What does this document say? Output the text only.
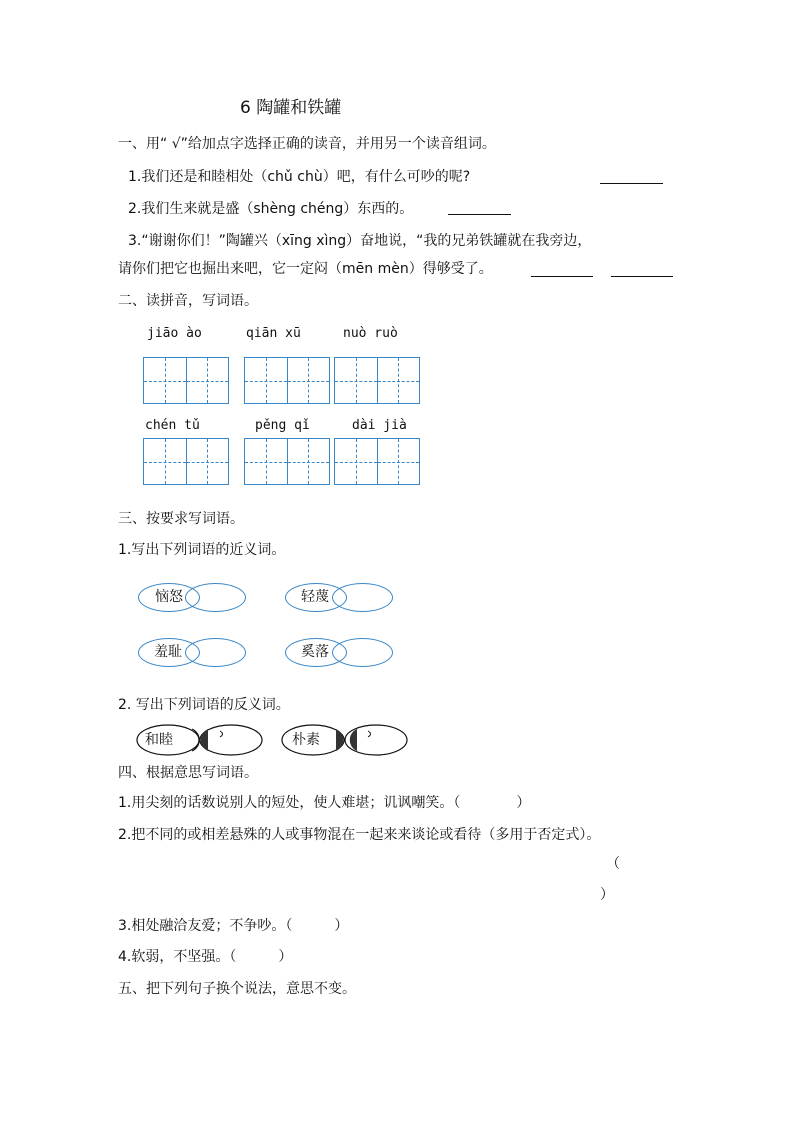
6 陶罐和铁罐
一、用“ √”给加点字选择正确的读音，并用另一个读音组词。
1.我们还是和睦相处（chǔ chù）吧，有什么可吵的呢?
2.我们生来就是盛（shèng chéng）东西的。
3.“谢谢你们！”陶罐兴（xīng xìng）奋地说，“我的兄弟铁罐就在我旁边，
请你们把它也掘出来吧，它一定闷（mēn mèn）得够受了。
二、读拼音，写词语。
jiāo ào	qiān xū	nuò ruò
chén tǔ	pěng qǐ	dài jià
三、按要求写词语。
1.写出下列词语的近义词。
恼怒	轻蔑
羞耻	奚落
2. 写出下列词语的反义词。
和睦	朴素
四、根据意思写词语。
1.用尖刻的话数说别人的短处，使人难堪；讥讽嘲笑。（　　　　）
2.把不同的或相差悬殊的人或事物混在一起来来谈论或看待（多用于否定式）。
（
）
3.相处融洽友爱；不争吵。（　　　）
4.软弱，不坚强。（　　　）
五、把下列句子换个说法，意思不变。
